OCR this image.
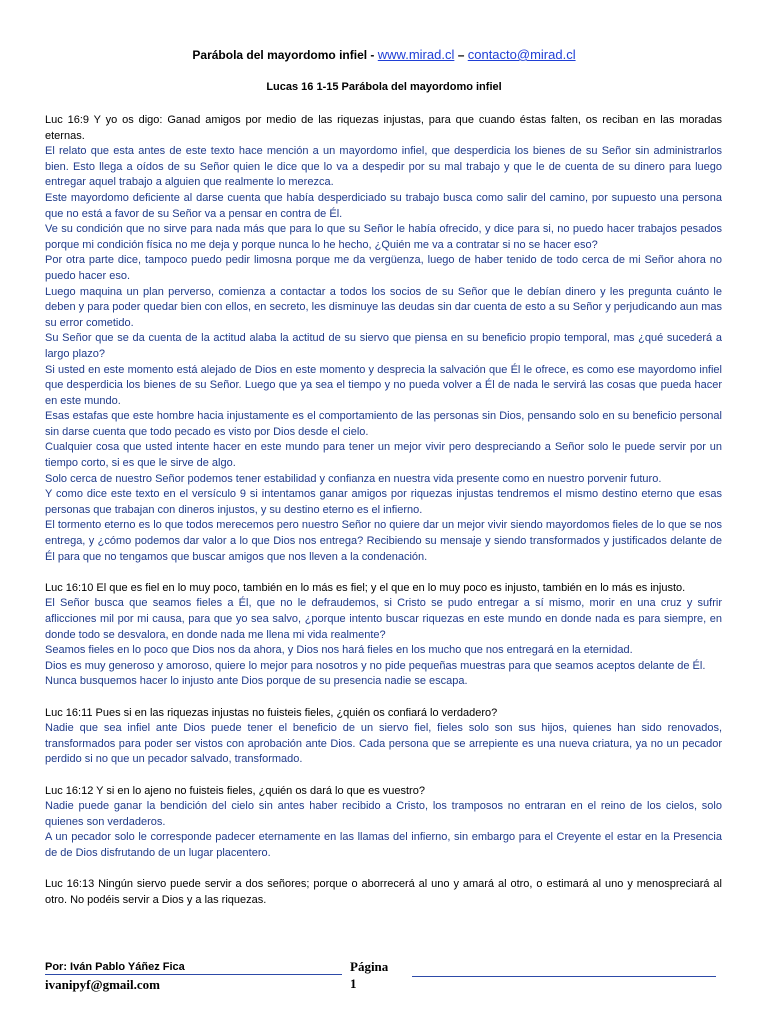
Parábola del mayordomo infiel - www.mirad.cl – contacto@mirad.cl
Lucas 16 1-15 Parábola del mayordomo infiel

Luc 16:9 Y yo os digo: Ganad amigos por medio de las riquezas injustas, para que cuando éstas falten, os reciban en las moradas eternas.

El relato que esta antes de este texto hace mención a un mayordomo infiel, que desperdicia los bienes de su Señor sin administrarlos bien. Esto llega a oídos de su Señor quien le dice que lo va a despedir por su mal trabajo y que le de cuenta de su dinero para luego entregar aquel trabajo a alguien que realmente lo merezca.

Este mayordomo deficiente al darse cuenta que había desperdiciado su trabajo busca como salir del camino, por supuesto una persona que no está a favor de su Señor va a pensar en contra de Él.

Ve su condición que no sirve para nada más que para lo que su Señor le había ofrecido, y dice para si, no puedo hacer trabajos pesados porque mi condición física no me deja y porque nunca lo he hecho, ¿Quién me va a contratar si no se hacer eso?

Por otra parte dice, tampoco puedo pedir limosna porque me da vergüenza, luego de haber tenido de todo cerca de mi Señor ahora no puedo hacer eso.

Luego maquina un plan perverso, comienza a contactar a todos los socios de su Señor que le debían dinero y les pregunta cuánto le deben y para poder quedar bien con ellos, en secreto, les disminuye las deudas sin dar cuenta de esto a su Señor y perjudicando aun mas su error cometido.

Su Señor que se da cuenta de la actitud alaba la actitud de su siervo que piensa en su beneficio propio temporal, mas ¿qué sucederá a largo plazo?

Si usted en este momento está alejado de Dios en este momento y desprecia la salvación que Él le ofrece, es como ese mayordomo infiel que desperdicia los bienes de su Señor. Luego que ya sea el tiempo y no pueda volver a Él de nada le servirá las cosas que pueda hacer en este mundo.

Esas estafas que este hombre hacia injustamente es el comportamiento de las personas sin Dios, pensando solo en su beneficio personal sin darse cuenta que todo pecado es visto por Dios desde el cielo.

Cualquier cosa que usted intente hacer en este mundo para tener un mejor vivir pero despreciando a Señor solo le puede servir por un tiempo corto, si es que le sirve de algo.

Solo cerca de nuestro Señor podemos tener estabilidad y confianza en nuestra vida presente como en nuestro porvenir futuro.

Y como dice este texto en el versículo 9 si intentamos ganar amigos por riquezas injustas tendremos el mismo destino eterno que esas personas que trabajan con dineros injustos, y su destino eterno es el infierno.

El tormento eterno es lo que todos merecemos pero nuestro Señor no quiere dar un mejor vivir siendo mayordomos fieles de lo que se nos entrega, y ¿cómo podemos dar valor a lo que Dios nos entrega? Recibiendo su mensaje y siendo transformados y justificados delante de Él para que no tengamos que buscar amigos que nos lleven a la condenación.

Luc 16:10 El que es fiel en lo muy poco, también en lo más es fiel; y el que en lo muy poco es injusto, también en lo más es injusto.

El Señor busca que seamos fieles a Él, que no le defraudemos, si Cristo se pudo entregar a sí mismo, morir en una cruz y sufrir aflicciones mil por mi causa, para que yo sea salvo, ¿porque intento buscar riquezas en este mundo en donde nada es para siempre, en donde todo se desvalora, en donde nada me llena mi vida realmente?

Seamos fieles en lo poco que Dios nos da ahora, y Dios nos hará fieles en los mucho que nos entregará en la eternidad.

Dios es muy generoso y amoroso, quiere lo mejor para nosotros y no pide pequeñas muestras para que seamos aceptos delante de Él.

Nunca busquemos hacer lo injusto ante Dios porque de su presencia nadie se escapa.

Luc 16:11 Pues si en las riquezas injustas no fuisteis fieles, ¿quién os confiará lo verdadero?

Nadie que sea infiel ante Dios puede tener el beneficio de un siervo fiel, fieles solo son sus hijos, quienes han sido renovados, transformados para poder ser vistos con aprobación ante Dios. Cada persona que se arrepiente es una nueva criatura, ya no un pecador perdido si no que un pecador salvado, transformado.

Luc 16:12 Y si en lo ajeno no fuisteis fieles, ¿quién os dará lo que es vuestro?

Nadie puede ganar la bendición del cielo sin antes haber recibido a Cristo, los tramposos no entraran en el reino de los cielos, solo quienes son verdaderos.

A un pecador solo le corresponde padecer eternamente en las llamas del infierno, sin embargo para el Creyente el estar en la Presencia de de Dios disfrutando de un lugar placentero.

Luc 16:13 Ningún siervo puede servir a dos señores; porque o aborrecerá al uno y amará al otro, o estimará al uno y menospreciará al otro. No podéis servir a Dios y a las riquezas.

Por: Iván Pablo Yáñez Fica
ivanipyf@gmail.com
Página
1
